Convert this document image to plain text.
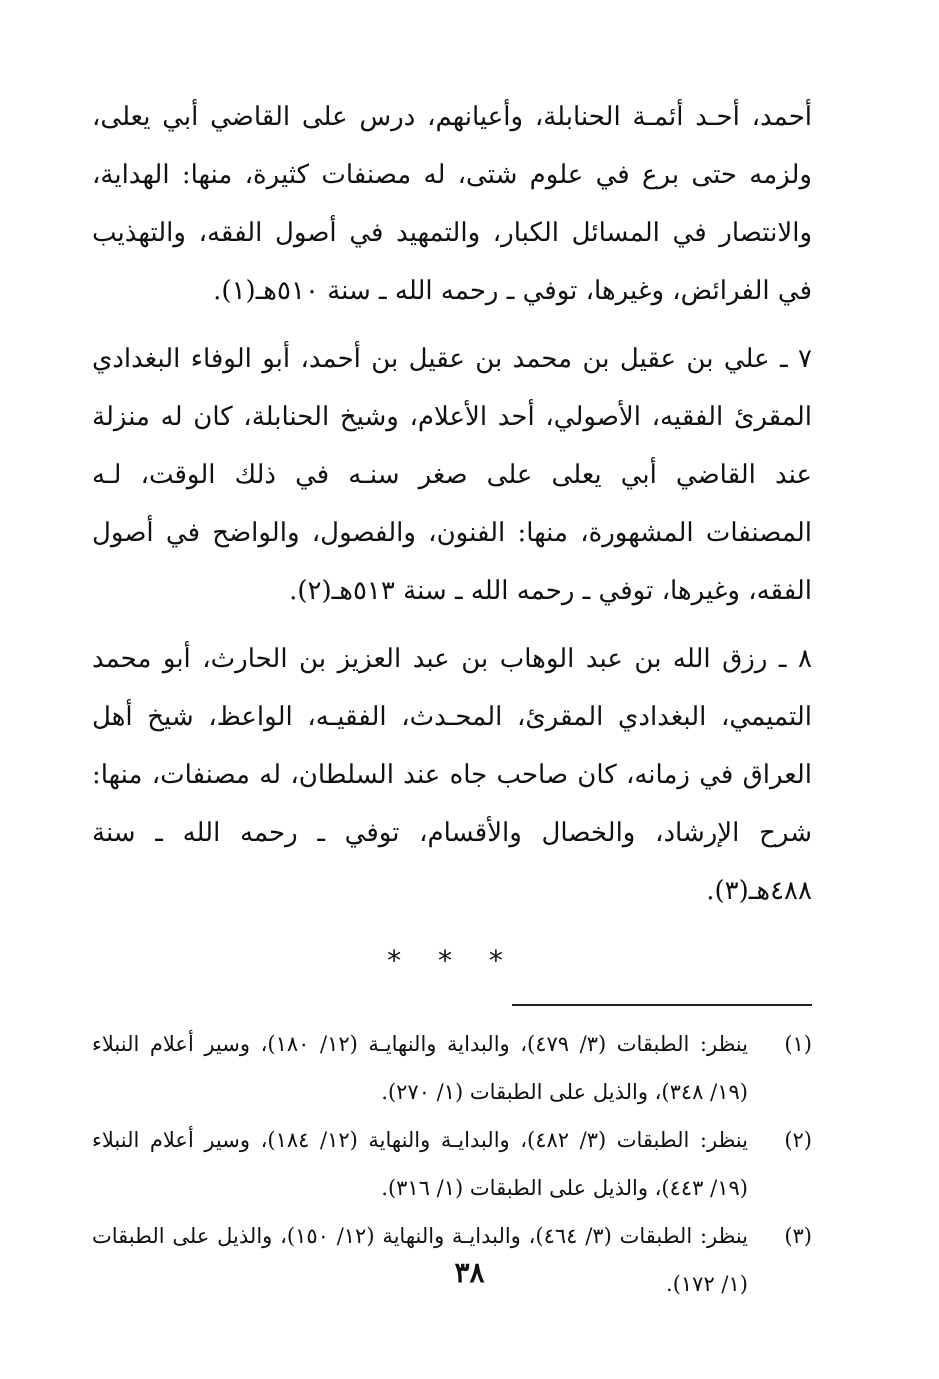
أحمد، أحـد أئمـة الحنابلة، وأعيانهم، درس على القاضي أبي يعلى، ولزمه حتى برع في علوم شتى، له مصنفات كثيرة، منها: الهداية، والانتصار في المسائل الكبار، والتمهيد في أصول الفقه، والتهذيب في الفرائض، وغيرها، توفي ـ رحمه الله ـ سنة ٥١٠هـ(١).

٧ ـ علي بن عقيل بن محمد بن عقيل بن أحمد، أبو الوفاء البغدادي المقرئ الفقيه، الأصولي، أحد الأعلام، وشيخ الحنابلة، كان له منزلة عند القاضي أبي يعلى على صغر سنـه في ذلك الوقت، لـه المصنفات المشهورة، منها: الفنون، والفصول، والواضح في أصول الفقه، وغيرها، توفي ـ رحمه الله ـ سنة ٥١٣هـ(٢).

٨ ـ رزق الله بن عبد الوهاب بن عبد العزيز بن الحارث، أبو محمد التميمي، البغدادي المقرئ، المحـدث، الفقيـه، الواعظ، شيخ أهل العراق في زمانه، كان صاحب جاه عند السلطان، له مصنفات، منها: شرح الإرشاد، والخصال والأقسام، توفي ـ رحمه الله ـ سنة ٤٨٨هـ(٣).

* * *
(١)
ينظر: الطبقات (٣/ ٤٧٩)، والبداية والنهايـة (١٢/ ١٨٠)، وسير أعلام النبلاء (١٩/ ٣٤٨)، والذيل على الطبقات (١/ ٢٧٠).
(٢)
ينظر: الطبقات (٣/ ٤٨٢)، والبدايـة والنهاية (١٢/ ١٨٤)، وسير أعلام النبلاء (١٩/ ٤٤٣)، والذيل على الطبقات (١/ ٣١٦).
(٣)
ينظر: الطبقات (٣/ ٤٦٤)، والبدايـة والنهاية (١٢/ ١٥٠)، والذيل على الطبقات (١/ ١٧٢).
٣٨
